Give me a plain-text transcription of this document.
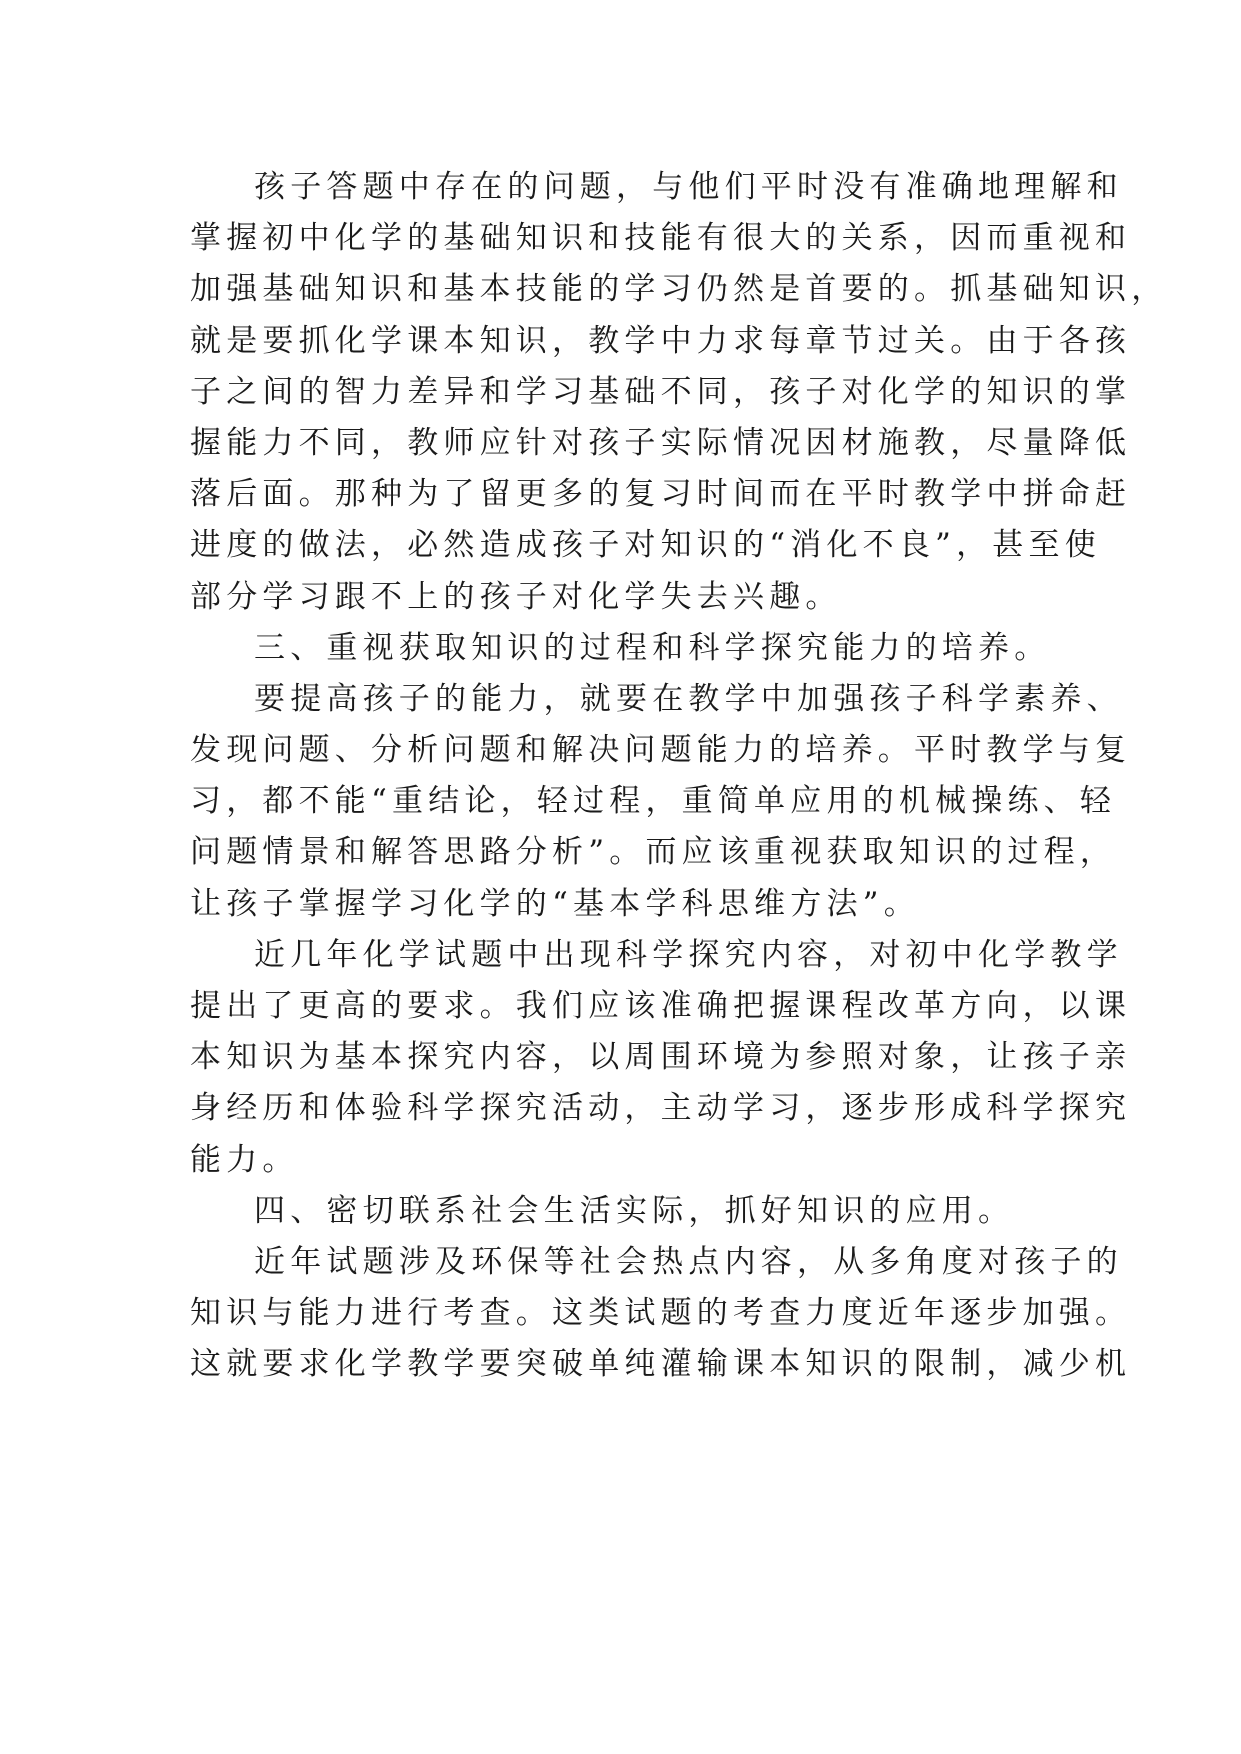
孩子答题中存在的问题，与他们平时没有准确地理解和
掌握初中化学的基础知识和技能有很大的关系，因而重视和
加强基础知识和基本技能的学习仍然是首要的。抓基础知识，
就是要抓化学课本知识，教学中力求每章节过关。由于各孩
子之间的智力差异和学习基础不同，孩子对化学的知识的掌
握能力不同，教师应针对孩子实际情况因材施教，尽量降低
落后面。那种为了留更多的复习时间而在平时教学中拼命赶
进度的做法，必然造成孩子对知识的“消化不良”，甚至使
部分学习跟不上的孩子对化学失去兴趣。
三、重视获取知识的过程和科学探究能力的培养。
要提高孩子的能力，就要在教学中加强孩子科学素养、
发现问题、分析问题和解决问题能力的培养。平时教学与复
习，都不能“重结论，轻过程，重简单应用的机械操练、轻
问题情景和解答思路分析”。而应该重视获取知识的过程，
让孩子掌握学习化学的“基本学科思维方法”。
近几年化学试题中出现科学探究内容，对初中化学教学
提出了更高的要求。我们应该准确把握课程改革方向，以课
本知识为基本探究内容，以周围环境为参照对象，让孩子亲
身经历和体验科学探究活动，主动学习，逐步形成科学探究
能力。
四、密切联系社会生活实际，抓好知识的应用。
近年试题涉及环保等社会热点内容，从多角度对孩子的
知识与能力进行考查。这类试题的考查力度近年逐步加强。
这就要求化学教学要突破单纯灌输课本知识的限制，减少机
